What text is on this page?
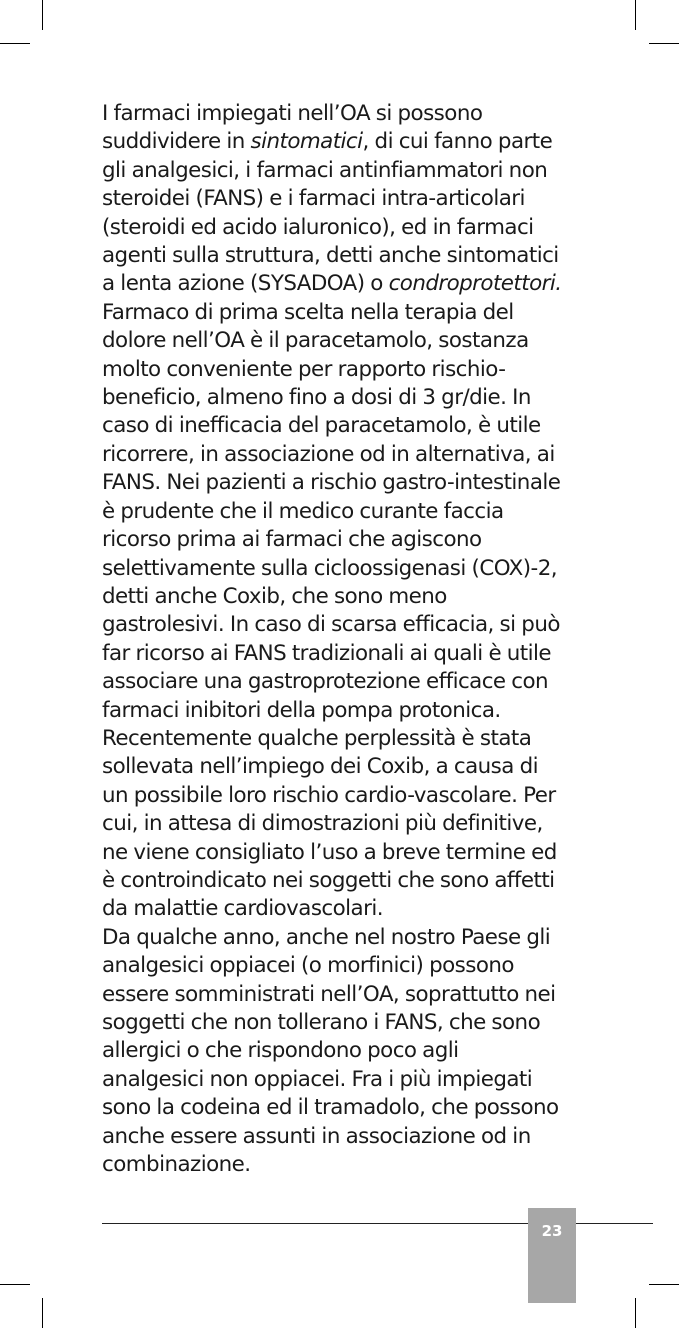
I farmaci impiegati nell’OA si possono
suddividere in sintomatici, di cui fanno parte
gli analgesici, i farmaci antinfiammatori non
steroidei (FANS) e i farmaci intra-articolari
(steroidi ed acido ialuronico), ed in farmaci
agenti sulla struttura, detti anche sintomatici
a lenta azione (SYSADOA) o condroprotettori.
Farmaco di prima scelta nella terapia del
dolore nell’OA è il paracetamolo, sostanza
molto conveniente per rapporto rischio-
beneficio, almeno fino a dosi di 3 gr/die. In
caso di inefficacia del paracetamolo, è utile
ricorrere, in associazione od in alternativa, ai
FANS. Nei pazienti a rischio gastro-intestinale
è prudente che il medico curante faccia
ricorso prima ai farmaci che agiscono
selettivamente sulla cicloossigenasi (COX)-2,
detti anche Coxib, che sono meno
gastrolesivi. In caso di scarsa efficacia, si può
far ricorso ai FANS tradizionali ai quali è utile
associare una gastroprotezione efficace con
farmaci inibitori della pompa protonica.
Recentemente qualche perplessità è stata
sollevata nell’impiego dei Coxib, a causa di
un possibile loro rischio cardio-vascolare. Per
cui, in attesa di dimostrazioni più definitive,
ne viene consigliato l’uso a breve termine ed
è controindicato nei soggetti che sono affetti
da malattie cardiovascolari.
Da qualche anno, anche nel nostro Paese gli
analgesici oppiacei (o morfinici) possono
essere somministrati nell’OA, soprattutto nei
soggetti che non tollerano i FANS, che sono
allergici o che rispondono poco agli
analgesici non oppiacei. Fra i più impiegati
sono la codeina ed il tramadolo, che possono
anche essere assunti in associazione od in
combinazione.
23
